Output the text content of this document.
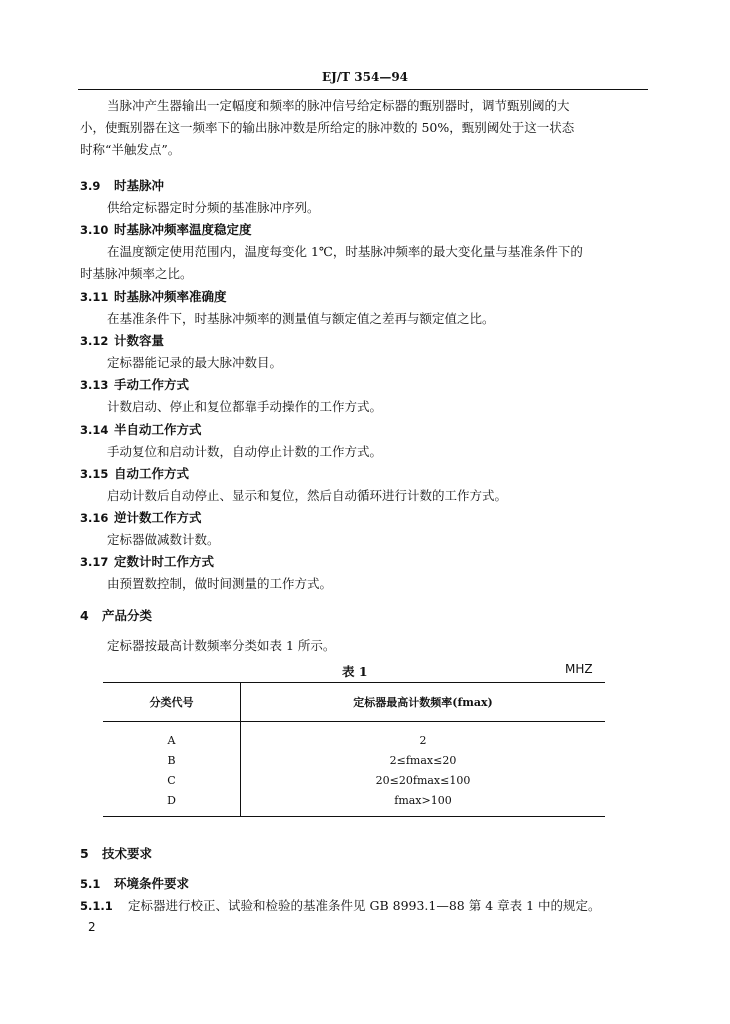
EJ/T 354—94
当脉冲产生器输出一定幅度和频率的脉冲信号给定标器的甄别器时，调节甄别阈的大
小，使甄别器在这一频率下的输出脉冲数是所给定的脉冲数的 50%，甄别阈处于这一状态
时称“半触发点”。
3.9 时基脉冲
供给定标器定时分频的基准脉冲序列。
3.10 时基脉冲频率温度稳定度
在温度额定使用范围内，温度每变化 1℃，时基脉冲频率的最大变化量与基准条件下的
时基脉冲频率之比。
3.11 时基脉冲频率准确度
在基准条件下，时基脉冲频率的测量值与额定值之差再与额定值之比。
3.12 计数容量
定标器能记录的最大脉冲数目。
3.13 手动工作方式
计数启动、停止和复位都靠手动操作的工作方式。
3.14 半自动工作方式
手动复位和启动计数，自动停止计数的工作方式。
3.15 自动工作方式
启动计数后自动停止、显示和复位，然后自动循环进行计数的工作方式。
3.16 逆计数工作方式
定标器做减数计数。
3.17 定数计时工作方式
由预置数控制，做时间测量的工作方式。
4 产品分类
定标器按最高计数频率分类如表 1 所示。
表 1	MHZ
分类代号	定标器最高计数频率(fmax)
A	2
B	2≤fmax≤20
C	20≤20fmax≤100
D	fmax>100
5 技术要求
5.1 环境条件要求
5.1.1 定标器进行校正、试验和检验的基准条件见 GB 8993.1—88 第 4 章表 1 中的规定。
2
